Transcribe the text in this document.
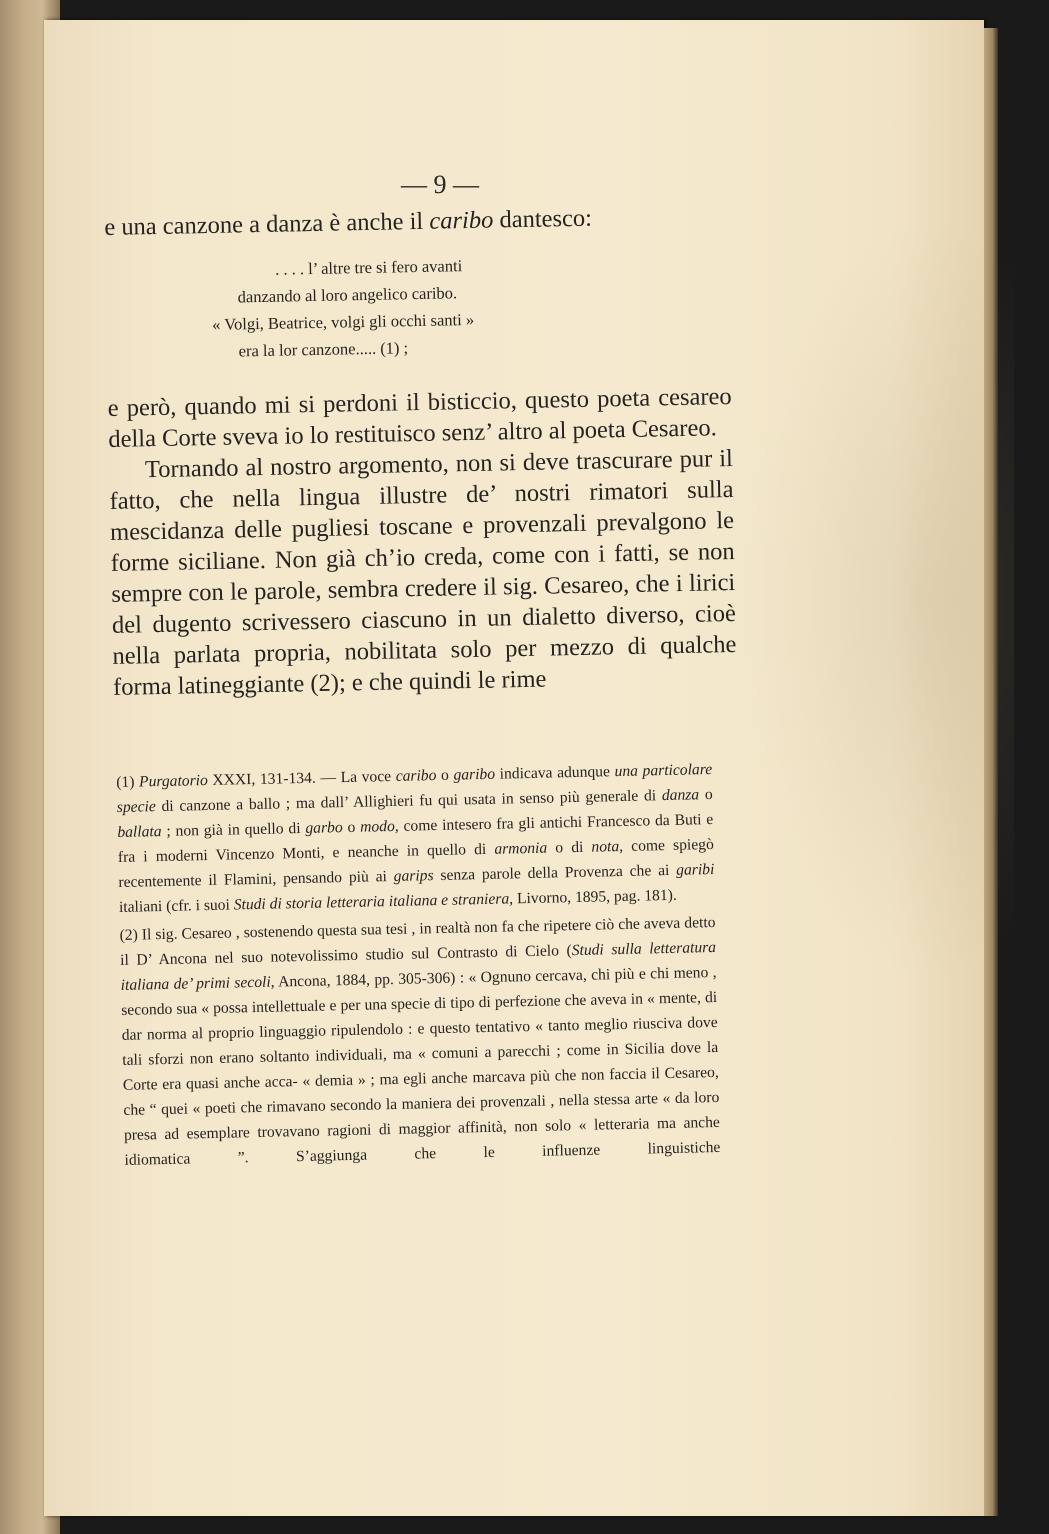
— 9 —

e una canzone a danza è anche il caribo dantesco:

. . . . l’ altre tre si fero avanti
danzando al loro angelico caribo.
« Volgi, Beatrice, volgi gli occhi santi »
era la lor canzone..... (1) ;

e però, quando mi si perdoni il bisticcio, questo poeta cesareo della Corte sveva io lo restituisco senz’ altro al poeta Cesareo.

Tornando al nostro argomento, non si deve trascurare pur il fatto, che nella lingua illustre de’ nostri rimatori sulla mescidanza delle pugliesi toscane e provenzali prevalgono le forme siciliane. Non già ch’io creda, come con i fatti, se non sempre con le parole, sembra credere il sig. Cesareo, che i lirici del dugento scrivessero ciascuno in un dialetto diverso, cioè nella parlata propria, nobilitata solo per mezzo di qualche forma latineggiante (2); e che quindi le rime

(1) Purgatorio XXXI, 131-134. — La voce caribo o garibo indicava adunque una particolare specie di canzone a ballo ; ma dall’ Allighieri fu qui usata in senso più generale di danza o ballata ; non già in quello di garbo o modo, come intesero fra gli antichi Francesco da Buti e fra i moderni Vincenzo Monti, e neanche in quello di armonia o di nota, come spiegò recentemente il Flamini, pensando più ai garips senza parole della Provenza che ai garibi italiani (cfr. i suoi Studi di storia letteraria italiana e straniera, Livorno, 1895, pag. 181).

(2) Il sig. Cesareo , sostenendo questa sua tesi , in realtà non fa che ripetere ciò che aveva detto il D’ Ancona nel suo notevolissimo studio sul Contrasto di Cielo (Studi sulla letteratura italiana de’ primi secoli, Ancona, 1884, pp. 305-306) : « Ognuno cercava, chi più e chi meno , secondo sua « possa intellettuale e per una specie di tipo di perfezione che aveva in « mente, di dar norma al proprio linguaggio ripulendolo : e questo tentativo « tanto meglio riusciva dove tali sforzi non erano soltanto individuali, ma « comuni a parecchi ; come in Sicilia dove la Corte era quasi anche acca- « demia » ; ma egli anche marcava più che non faccia il Cesareo, che “ quei « poeti che rimavano secondo la maniera dei provenzali , nella stessa arte « da loro presa ad esemplare trovavano ragioni di maggior affinità, non solo « letteraria ma anche idiomatica ”. S’aggiunga che le influenze linguistiche
